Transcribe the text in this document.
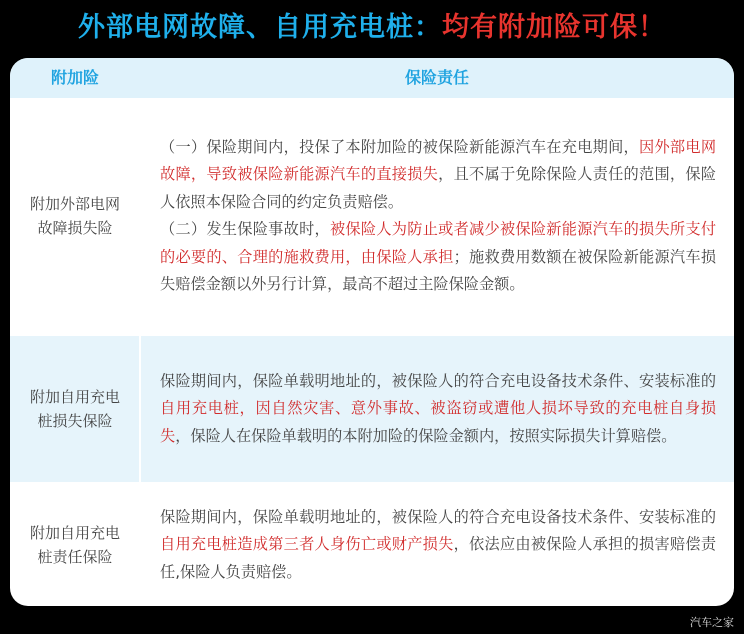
外部电网故障、自用充电桩：均有附加险可保！
附加险	保险责任
附加外部电网
故障损失险
（一）保险期间内，投保了本附加险的被保险新能源汽车在充电期间，因外部电网故障，导致被保险新能源汽车的直接损失，且不属于免除保险人责任的范围，保险人依照本保险合同的约定负责赔偿。
（二）发生保险事故时，被保险人为防止或者减少被保险新能源汽车的损失所支付的必要的、合理的施救费用，由保险人承担；施救费用数额在被保险新能源汽车损失赔偿金额以外另行计算，最高不超过主险保险金额。
附加自用充电
桩损失保险
保险期间内，保险单载明地址的，被保险人的符合充电设备技术条件、安装标准的自用充电桩，因自然灾害、意外事故、被盗窃或遭他人损坏导致的充电桩自身损失，保险人在保险单载明的本附加险的保险金额内，按照实际损失计算赔偿。
附加自用充电
桩责任保险
保险期间内，保险单载明地址的，被保险人的符合充电设备技术条件、安装标准的自用充电桩造成第三者人身伤亡或财产损失，依法应由被保险人承担的损害赔偿责任,保险人负责赔偿。
汽车之家
